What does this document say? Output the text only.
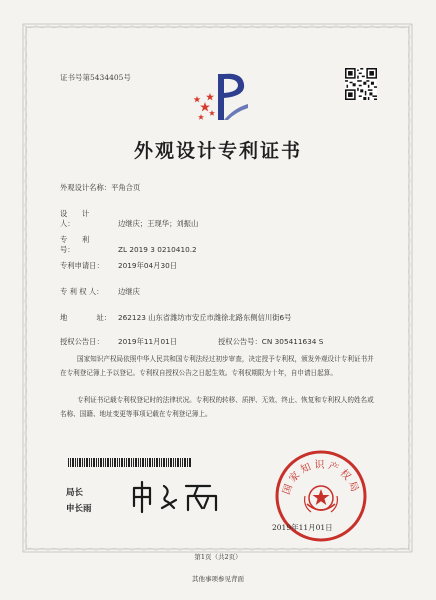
证书号第5434405号
外观设计专利证书
外观设计名称：平角合页
设　　计　　人：	边继庆；王现华；刘振山
专　　利　　号：	ZL 2019 3 0210410.2
专利申请日： 2019年04月30日
专 利 权 人： 边继庆
地　　　　址： 262123 山东省潍坊市安丘市潍徐北路东侧信川街6号
授权公告日： 2019年11月01日	授权公告号：CN 305411634 S
国家知识产权局依照中华人民共和国专利法经过初步审查，决定授予专利权，颁发外观设计专利证书并在专利登记簿上予以登记。专利权自授权公告之日起生效。专利权期限为十年，自申请日起算。
专利证书记载专利权登记时的法律状况。专利权的转移、质押、无效、终止、恢复和专利权人的姓名或名称、国籍、地址变更等事项记载在专利登记簿上。
局长
申长雨
国家知识产权局
2019年11月01日
第1页（共2页）
其他事项参见背面
